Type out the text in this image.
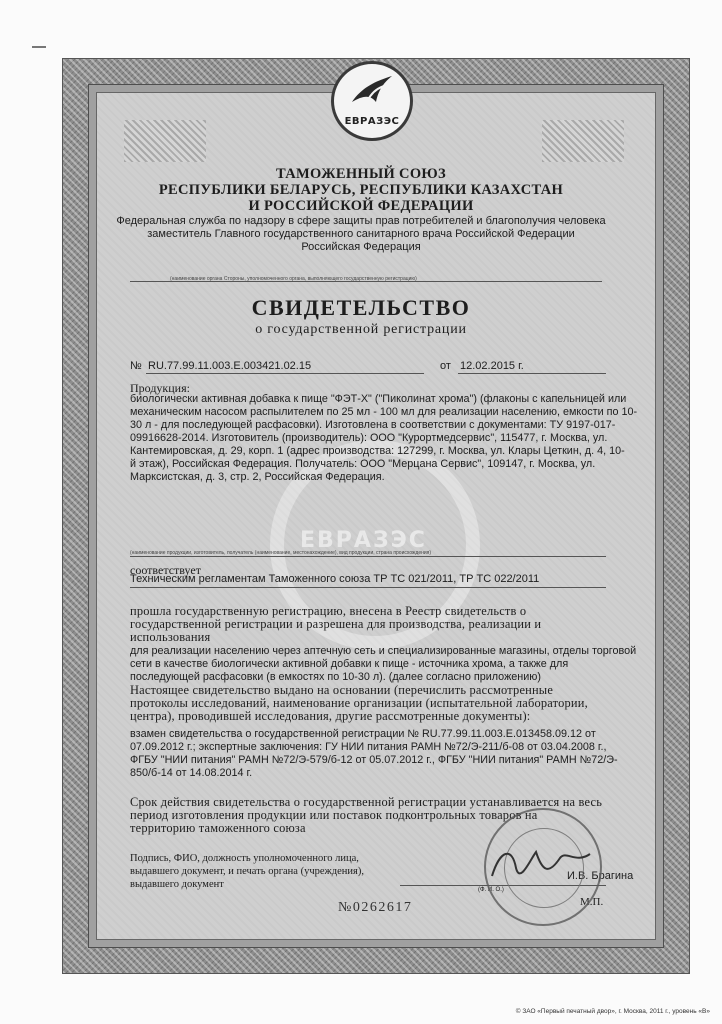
ЕВРАЗЭС
ЕВРАЗЭС
ТАМОЖЕННЫЙ СОЮЗ
РЕСПУБЛИКИ БЕЛАРУСЬ, РЕСПУБЛИКИ КАЗАХСТАН
И РОССИЙСКОЙ ФЕДЕРАЦИИ
Федеральная служба по надзору в сфере защиты прав потребителей и благополучия человека
заместитель Главного государственного санитарного врача Российской Федерации
Российская Федерация
(наименование органа Стороны, уполномоченного органа, выполняющего государственную регистрацию)
СВИДЕТЕЛЬСТВО
о государственной регистрации
№ RU.77.99.11.003.E.003421.02.15	от 12.02.2015 г.
Продукция:
биологически активная добавка к пище "ФЭТ-Х" ("Пиколинат хрома") (флаконы с капельницей или
механическим насосом распылителем по 25 мл - 100 мл для реализации населению, емкости по 10-
30 л - для последующей расфасовки). Изготовлена в соответствии с документами: ТУ 9197-017-
09916628-2014. Изготовитель (производитель): ООО "Курортмедсервис", 115477, г. Москва, ул.
Кантемировская, д. 29, корп. 1 (адрес производства: 127299, г. Москва, ул. Клары Цеткин, д. 4, 10-
й этаж), Российская Федерация. Получатель: ООО "Мерцана Сервис", 109147, г. Москва, ул.
Марксистская, д. 3, стр. 2, Российская Федерация.
(наименование продукции, изготовитель, получатель (наименование, местонахождение), вид продукции, страна происхождения)
соответствует
Техническим регламентам Таможенного союза ТР ТС 021/2011, ТР ТС 022/2011
прошла государственную регистрацию, внесена в Реестр свидетельств о
государственной регистрации и разрешена для производства, реализации и
использования
для реализации населению через аптечную сеть и специализированные магазины, отделы торговой
сети в качестве биологически активной добавки к пище - источника хрома, а также для
последующей расфасовки (в емкостях по 10-30 л). (далее согласно приложению)
Настоящее свидетельство выдано на основании (перечислить рассмотренные
протоколы исследований, наименование организации (испытательной лаборатории,
центра), проводившей исследования, другие рассмотренные документы):
взамен свидетельства о государственной регистрации № RU.77.99.11.003.E.013458.09.12 от
07.09.2012 г.; экспертные заключения: ГУ НИИ питания РАМН №72/Э-211/б-08 от 03.04.2008 г.,
ФГБУ "НИИ питания" РАМН №72/Э-579/б-12 от 05.07.2012 г., ФГБУ "НИИ питания" РАМН №72/Э-
850/б-14 от 14.08.2014 г.
Срок действия свидетельства о государственной регистрации устанавливается на весь
период изготовления продукции или поставок подконтрольных товаров на
территорию таможенного союза
Подпись, ФИО, должность уполномоченного лица,
выдавшего документ, и печать органа (учреждения),
выдавшего документ
И.В. Брагина
(Ф. И. О.)
М.П.
№0262617
© ЗАО «Первый печатный двор», г. Москва, 2011 г., уровень «В»
